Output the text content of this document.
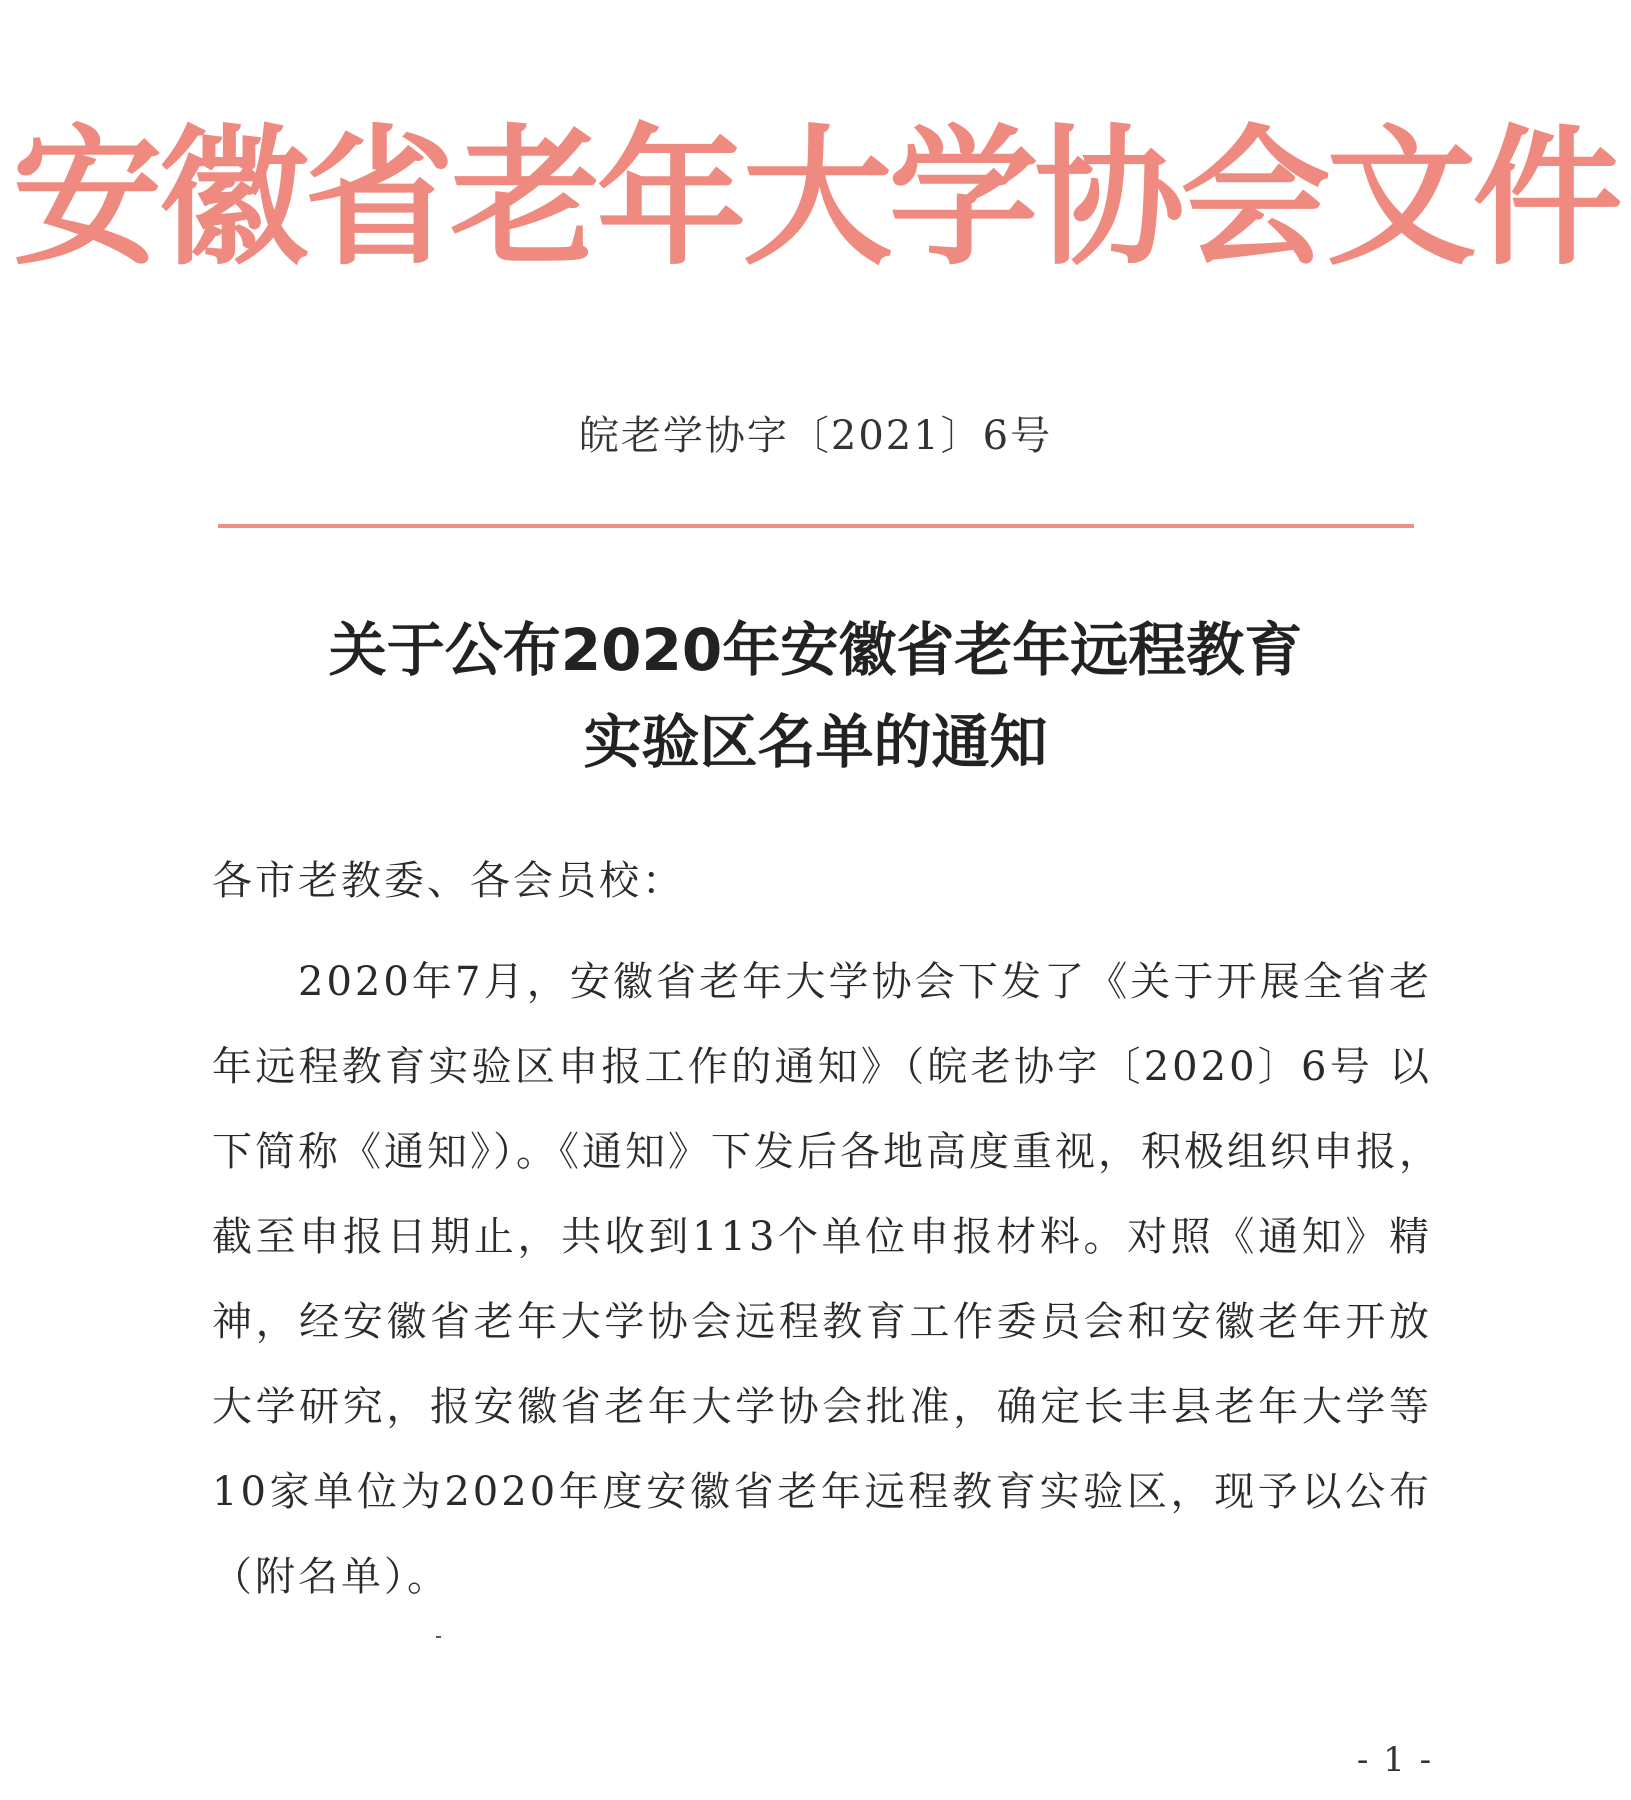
安徽省老年大学协会文件
皖老学协字〔2021〕6号
关于公布2020年安徽省老年远程教育
实验区名单的通知
各市老教委、各会员校：
2020年7月，安徽省老年大学协会下发了《关于开展全省老
年远程教育实验区申报工作的通知》（皖老协字〔2020〕6号 以
下简称《通知》）。《通知》下发后各地高度重视，积极组织申报，
截至申报日期止，共收到113个单位申报材料。对照《通知》精
神，经安徽省老年大学协会远程教育工作委员会和安徽老年开放
大学研究，报安徽省老年大学协会批准，确定长丰县老年大学等
10家单位为2020年度安徽省老年远程教育实验区，现予以公布
（附名单）。
- 1 -
